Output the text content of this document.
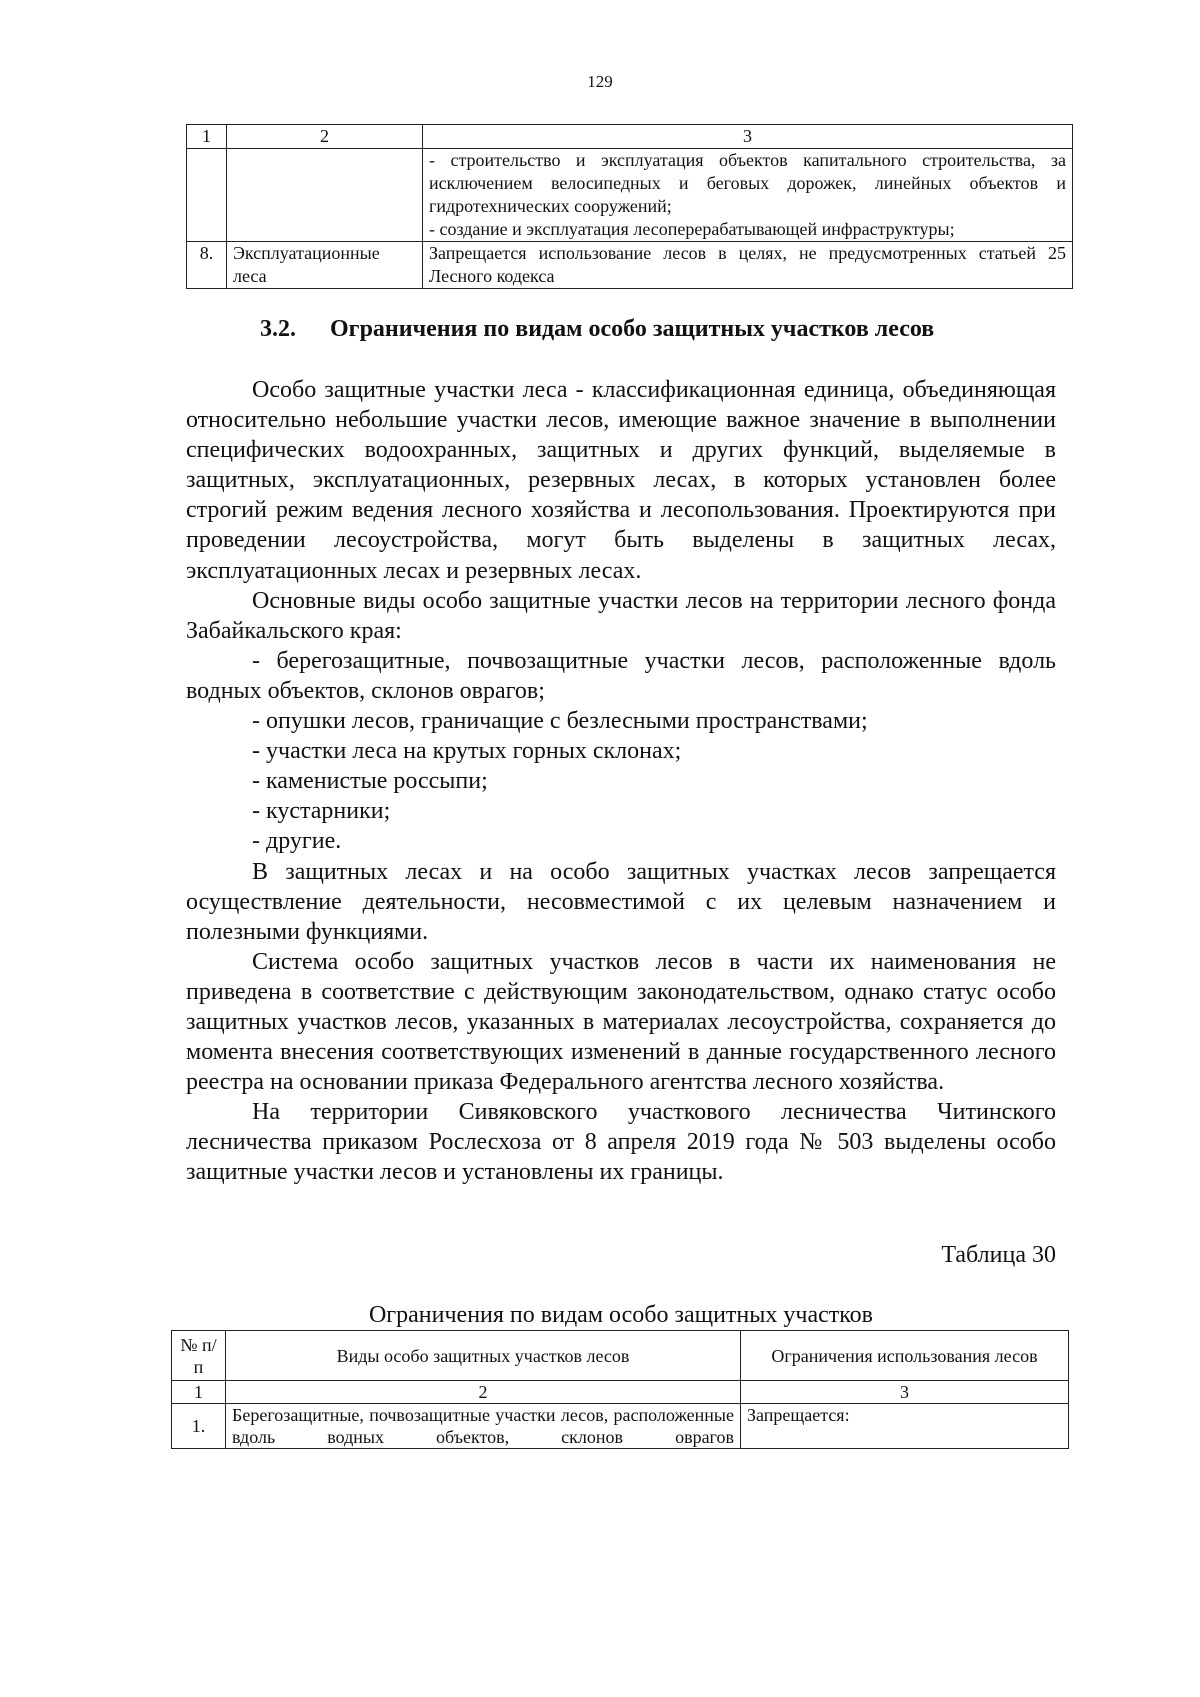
129
1	2	3

		- строительство и эксплуатация объектов капитального строительства, за исключением велосипедных и беговых дорожек, линейных объектов и гидротехнических сооружений;
- создание и эксплуатация лесоперерабатывающей инфраструктуры;

8.	Эксплуатационные леса	Запрещается использование лесов в целях, не предусмотренных статьей 25 Лесного кодекса
3.2. Ограничения по видам особо защитных участков лесов

Особо защитные участки леса - классификационная единица, объединяющая относительно небольшие участки лесов, имеющие важное значение в выполнении специфических водоохранных, защитных и других функций, выделяемые в защитных, эксплуатационных, резервных лесах, в которых установлен более строгий режим ведения лесного хозяйства и лесопользования. Проектируются при проведении лесоустройства, могут быть выделены в защитных лесах, эксплуатационных лесах и резервных лесах.

Основные виды особо защитные участки лесов на территории лесного фонда Забайкальского края:

- берегозащитные, почвозащитные участки лесов, расположенные вдоль водных объектов, склонов оврагов;

- опушки лесов, граничащие с безлесными пространствами;

- участки леса на крутых горных склонах;

- каменистые россыпи;

- кустарники;

- другие.

В защитных лесах и на особо защитных участках лесов запрещается осуществление деятельности, несовместимой с их целевым назначением и полезными функциями.

Система особо защитных участков лесов в части их наименования не приведена в соответствие с действующим законодательством, однако статус особо защитных участков лесов, указанных в материалах лесоустройства, сохраняется до момента внесения соответствующих изменений в данные государственного лесного реестра на основании приказа Федерального агентства лесного хозяйства.

На территории Сивяковского участкового лесничества Читинского лесничества приказом Рослесхоза от 8 апреля 2019 года № 503 выделены особо защитные участки лесов и установлены их границы.

Таблица 30
Ограничения по видам особо защитных участков
№ п/п	Виды особо защитных участков лесов	Ограничения использования лесов
1	2	3
1.	Берегозащитные, почвозащитные участки лесов, расположенные вдоль водных объектов, склонов оврагов	Запрещается:
